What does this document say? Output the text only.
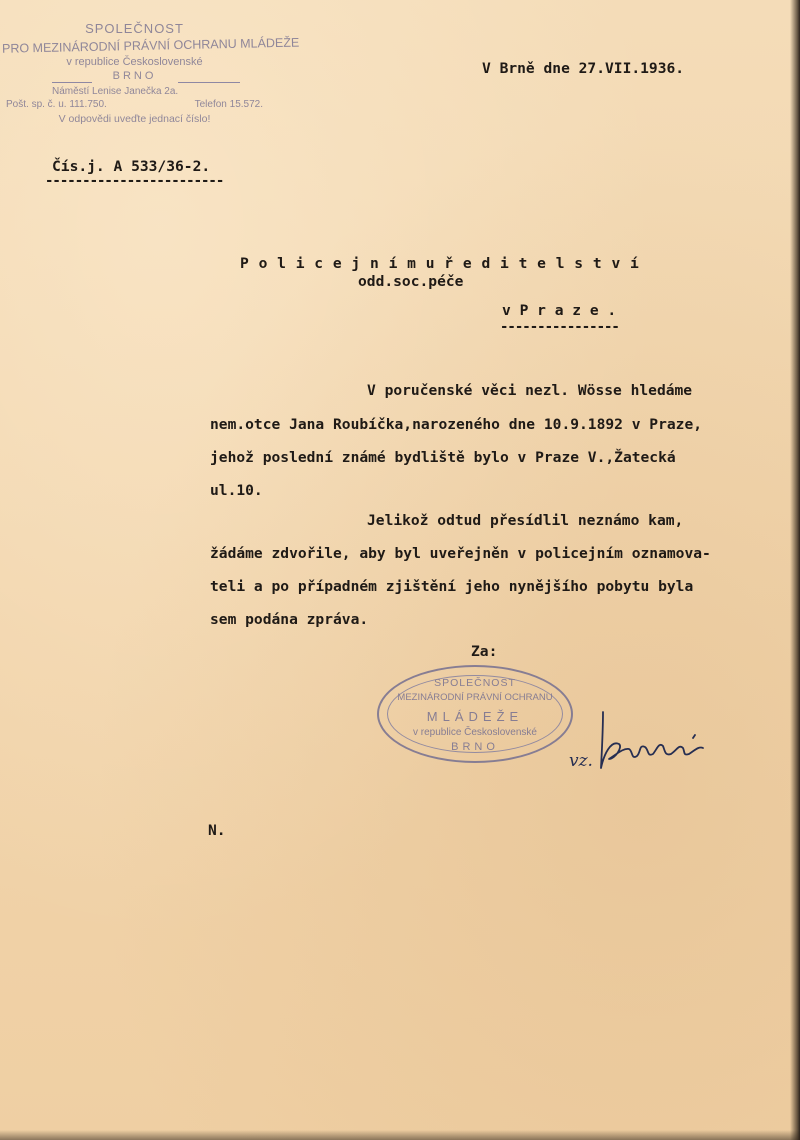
SPOLEČNOST
PRO MEZINÁRODNÍ PRÁVNÍ OCHRANU MLÁDEŽE
v republice Československé
BRNO
Náměstí Lenise Janečka 2a.
Pošt. sp. č. u. 111.750.	Telefon 15.572.
V odpovědi uveďte jednací číslo!
V Brně dne 27.VII.1936.
Čís.j. A 533/36-2.
------------------------
P o l i c e j n í m u ř e d i t e l s t v í
odd.soc.péče
v P r a z e .
----------------
V poručenské věci nezl. Wösse hledáme
nem.otce Jana Roubíčka,narozeného dne 10.9.1892 v Praze,
jehož poslední známé bydliště bylo v Praze V.,Žatecká
ul.10.
Jelikož odtud přesídlil neznámo kam,
žádáme zdvořile, aby byl uveřejněn v policejním oznamova-
teli a po případném zjištění jeho nynějšího pobytu byla
sem podána zpráva.
Za:
SPOLEČNOST
MEZINÁRODNÍ PRÁVNÍ OCHRANU
MLÁDEŽE
v republice Československé
BRNO
vz.
N.
